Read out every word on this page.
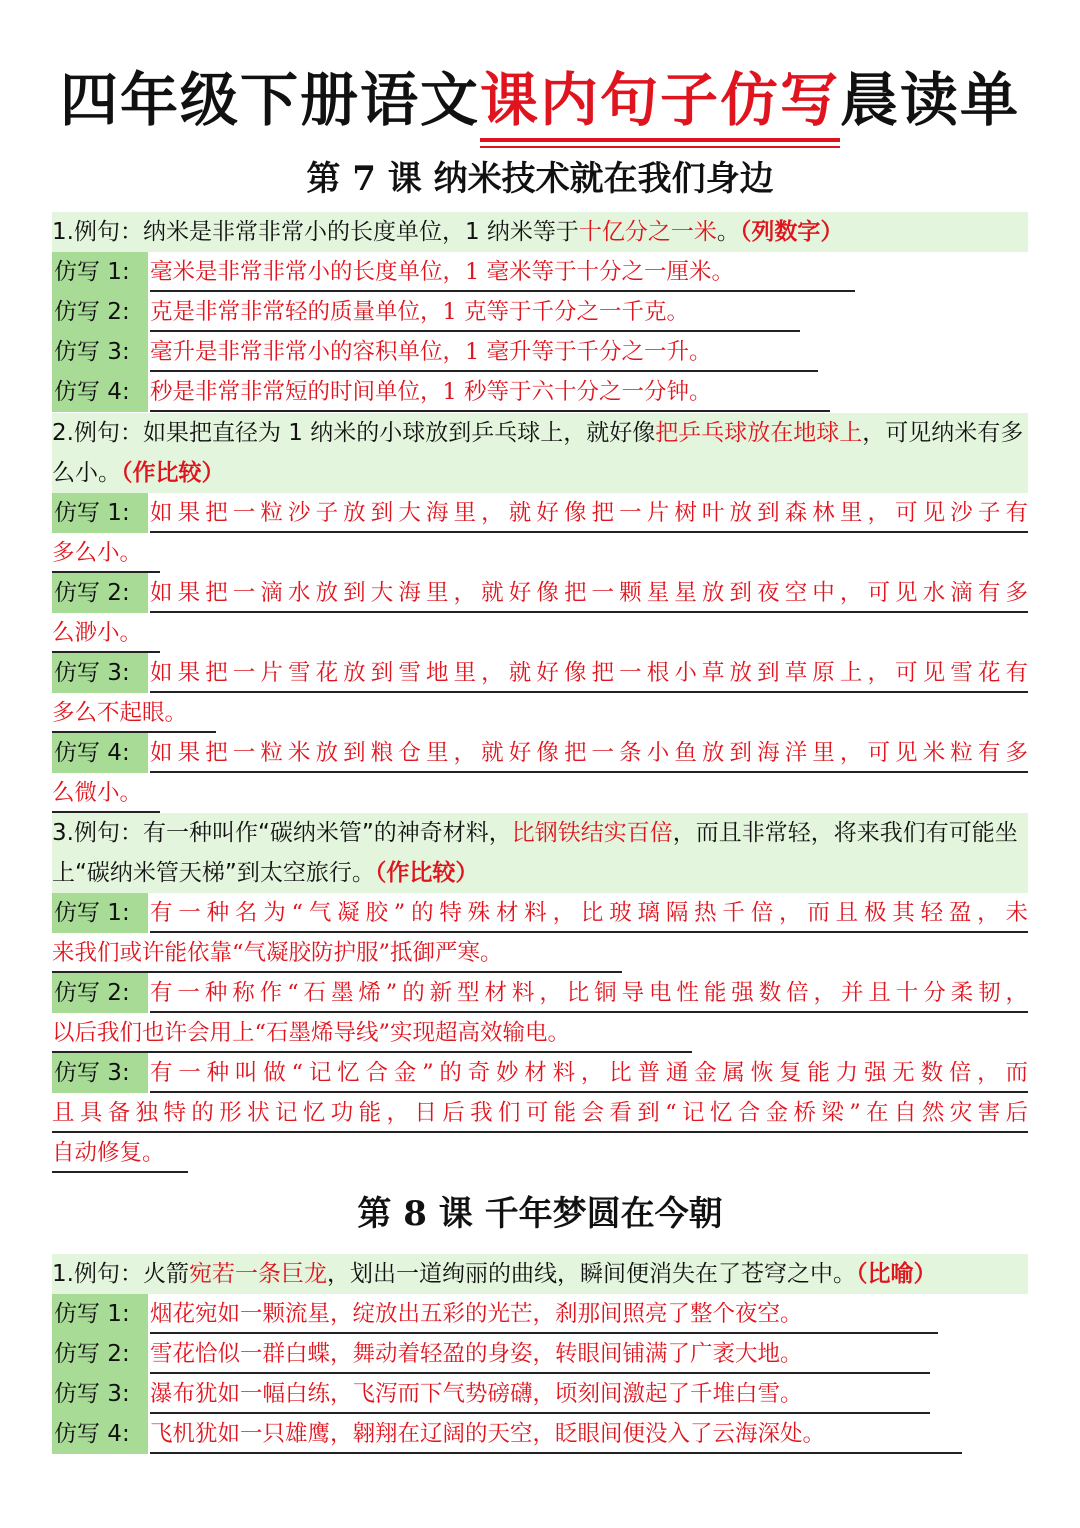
四年级下册语文课内句子仿写晨读单
第 7 课 纳米技术就在我们身边
1.例句：纳米是非常非常小的长度单位，1 纳米等于十亿分之一米。（列数字）
仿写 1: 毫米是非常非常小的长度单位，1 毫米等于十分之一厘米。
仿写 2: 克是非常非常轻的质量单位，1 克等于千分之一千克。
仿写 3: 毫升是非常非常小的容积单位，1 毫升等于千分之一升。
仿写 4: 秒是非常非常短的时间单位，1 秒等于六十分之一分钟。
2.例句：如果把直径为 1 纳米的小球放到乒乓球上，就好像把乒乓球放在地球上，可见纳米有多么小。（作比较）
仿写 1: 如果把一粒沙子放到大海里，就好像把一片树叶放到森林里，可见沙子有
多么小。
仿写 2: 如果把一滴水放到大海里，就好像把一颗星星放到夜空中，可见水滴有多
么渺小。
仿写 3: 如果把一片雪花放到雪地里，就好像把一根小草放到草原上，可见雪花有
多么不起眼。
仿写 4: 如果把一粒米放到粮仓里，就好像把一条小鱼放到海洋里，可见米粒有多
么微小。
3.例句：有一种叫作“碳纳米管”的神奇材料，比钢铁结实百倍，而且非常轻，将来我们有可能坐上“碳纳米管天梯”到太空旅行。（作比较）
仿写 1: 有一种名为“气凝胶”的特殊材料，比玻璃隔热千倍，而且极其轻盈，未
来我们或许能依靠“气凝胶防护服”抵御严寒。
仿写 2: 有一种称作“石墨烯”的新型材料，比铜导电性能强数倍，并且十分柔韧，
以后我们也许会用上“石墨烯导线”实现超高效输电。
仿写 3: 有一种叫做“记忆合金”的奇妙材料，比普通金属恢复能力强无数倍，而
且具备独特的形状记忆功能，日后我们可能会看到“记忆合金桥梁”在自然灾害后
自动修复。
第 8 课 千年梦圆在今朝
1.例句：火箭宛若一条巨龙，划出一道绚丽的曲线，瞬间便消失在了苍穹之中。（比喻）
仿写 1: 烟花宛如一颗流星，绽放出五彩的光芒，刹那间照亮了整个夜空。
仿写 2: 雪花恰似一群白蝶，舞动着轻盈的身姿，转眼间铺满了广袤大地。
仿写 3: 瀑布犹如一幅白练，飞泻而下气势磅礴，顷刻间激起了千堆白雪。
仿写 4: 飞机犹如一只雄鹰，翱翔在辽阔的天空，眨眼间便没入了云海深处。
